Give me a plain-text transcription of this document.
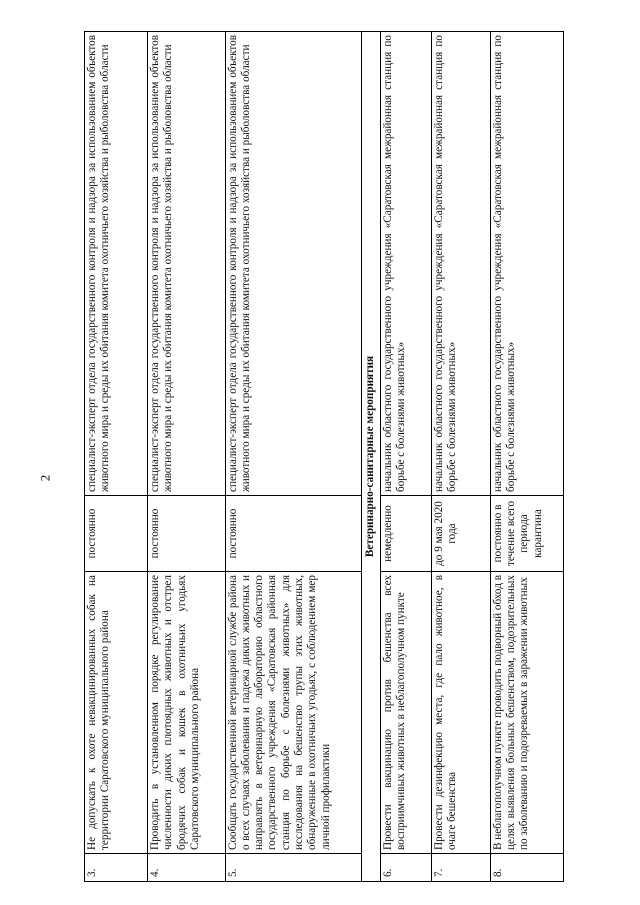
2
3.	Не допускать к охоте невакцинированных собак на территории Саратовского муниципального района	постоянно	специалист-эксперт отдела государственного контроля и надзора за использованием объектов животного мира и среды их обитания комитета охотничьего хозяйства и рыболовства области
4.	Проводить в установленном порядке регулирование численности диких плотоядных животных и отстрел бродячих собак и кошек в охотничьих угодьях Саратовского муниципального района	постоянно	специалист-эксперт отдела государственного контроля и надзора за использованием объектов животного мира и среды их обитания комитета охотничьего хозяйства и рыболовства области
5.	Сообщать государственной ветеринарной службе района о всех случаях заболевания и падежа диких животных и направлять в ветеринарную лабораторию областного государственного учреждения «Саратовская районная станция по борьбе с болезнями животных» для исследования на бешенство трупы этих животных, обнаруженные в охотничьих угодьях, с соблюдением мер личной профилактики	постоянно	специалист-эксперт отдела государственного контроля и надзора за использованием объектов животного мира и среды их обитания комитета охотничьего хозяйства и рыболовства области
Ветеринарно-санитарные мероприятия			
6.	Провести вакцинацию против бешенства всех восприимчивых животных в неблагополучном пункте	немедленно	начальник областного государственного учреждения «Саратовская межрайонная станция по борьбе с болезнями животных»
7.	Провести дезинфекцию места, где пало животное, в очаге бешенства	до 9 мая 2020 года	начальник областного государственного учреждения «Саратовская межрайонная станция по борьбе с болезнями животных»
8.	В неблагополучном пункте проводить подворный обход в целях выявления больных бешенством, подозрительных по заболеванию и подозреваемых в заражении животных	постоянно в течение всего периода карантина	начальник областного государственного учреждения «Саратовская межрайонная станция по борьбе с болезнями животных»
